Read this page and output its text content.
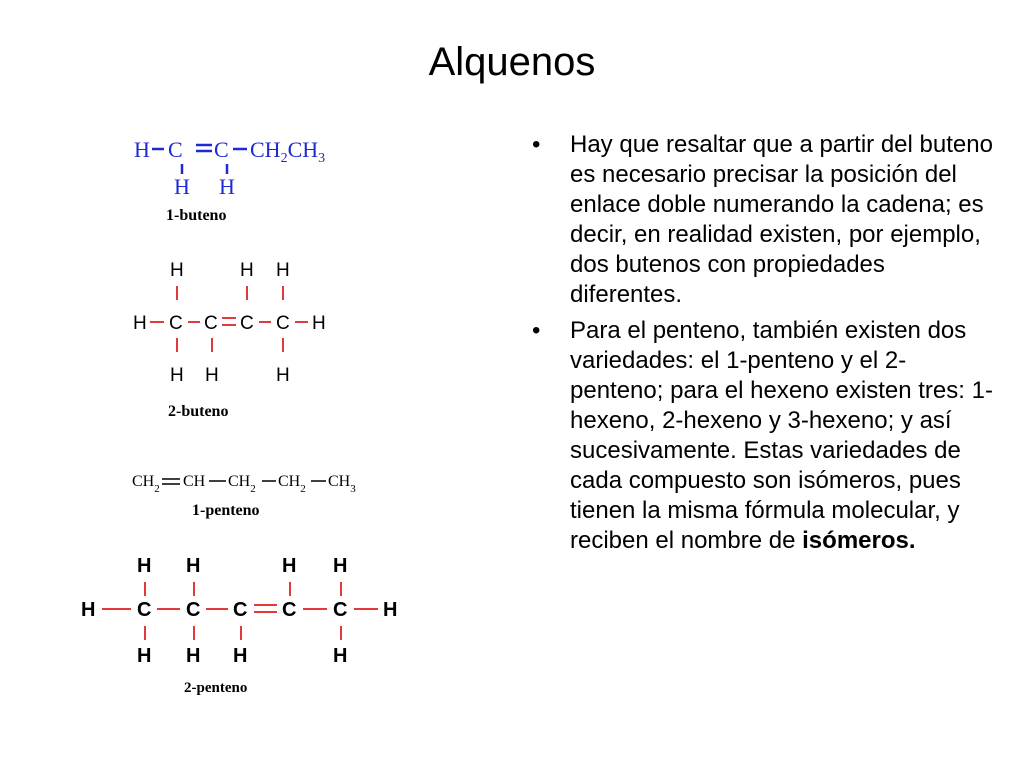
Alquenos
H C C $CH_2CH_3$
H H
1-buteno
H	H H
H C C C C H
H H	H
2-buteno
$CH_2$ CH $CH_2$ $CH_2$ $CH_3$
1-penteno
H H	H H
H C C C C C H
H H H	H
2-penteno
• Hay que resaltar que a partir del buteno es necesario precisar la posición del enlace doble numerando la cadena; es decir, en realidad existen, por ejemplo, dos butenos con propiedades diferentes.
• Para el penteno, también existen dos variedades: el 1-penteno y el 2-penteno; para el hexeno existen tres: 1-hexeno, 2-hexeno y 3-hexeno; y así sucesivamente. Estas variedades de cada compuesto son isómeros, pues tienen la misma fórmula molecular, y reciben el nombre de isómeros.
